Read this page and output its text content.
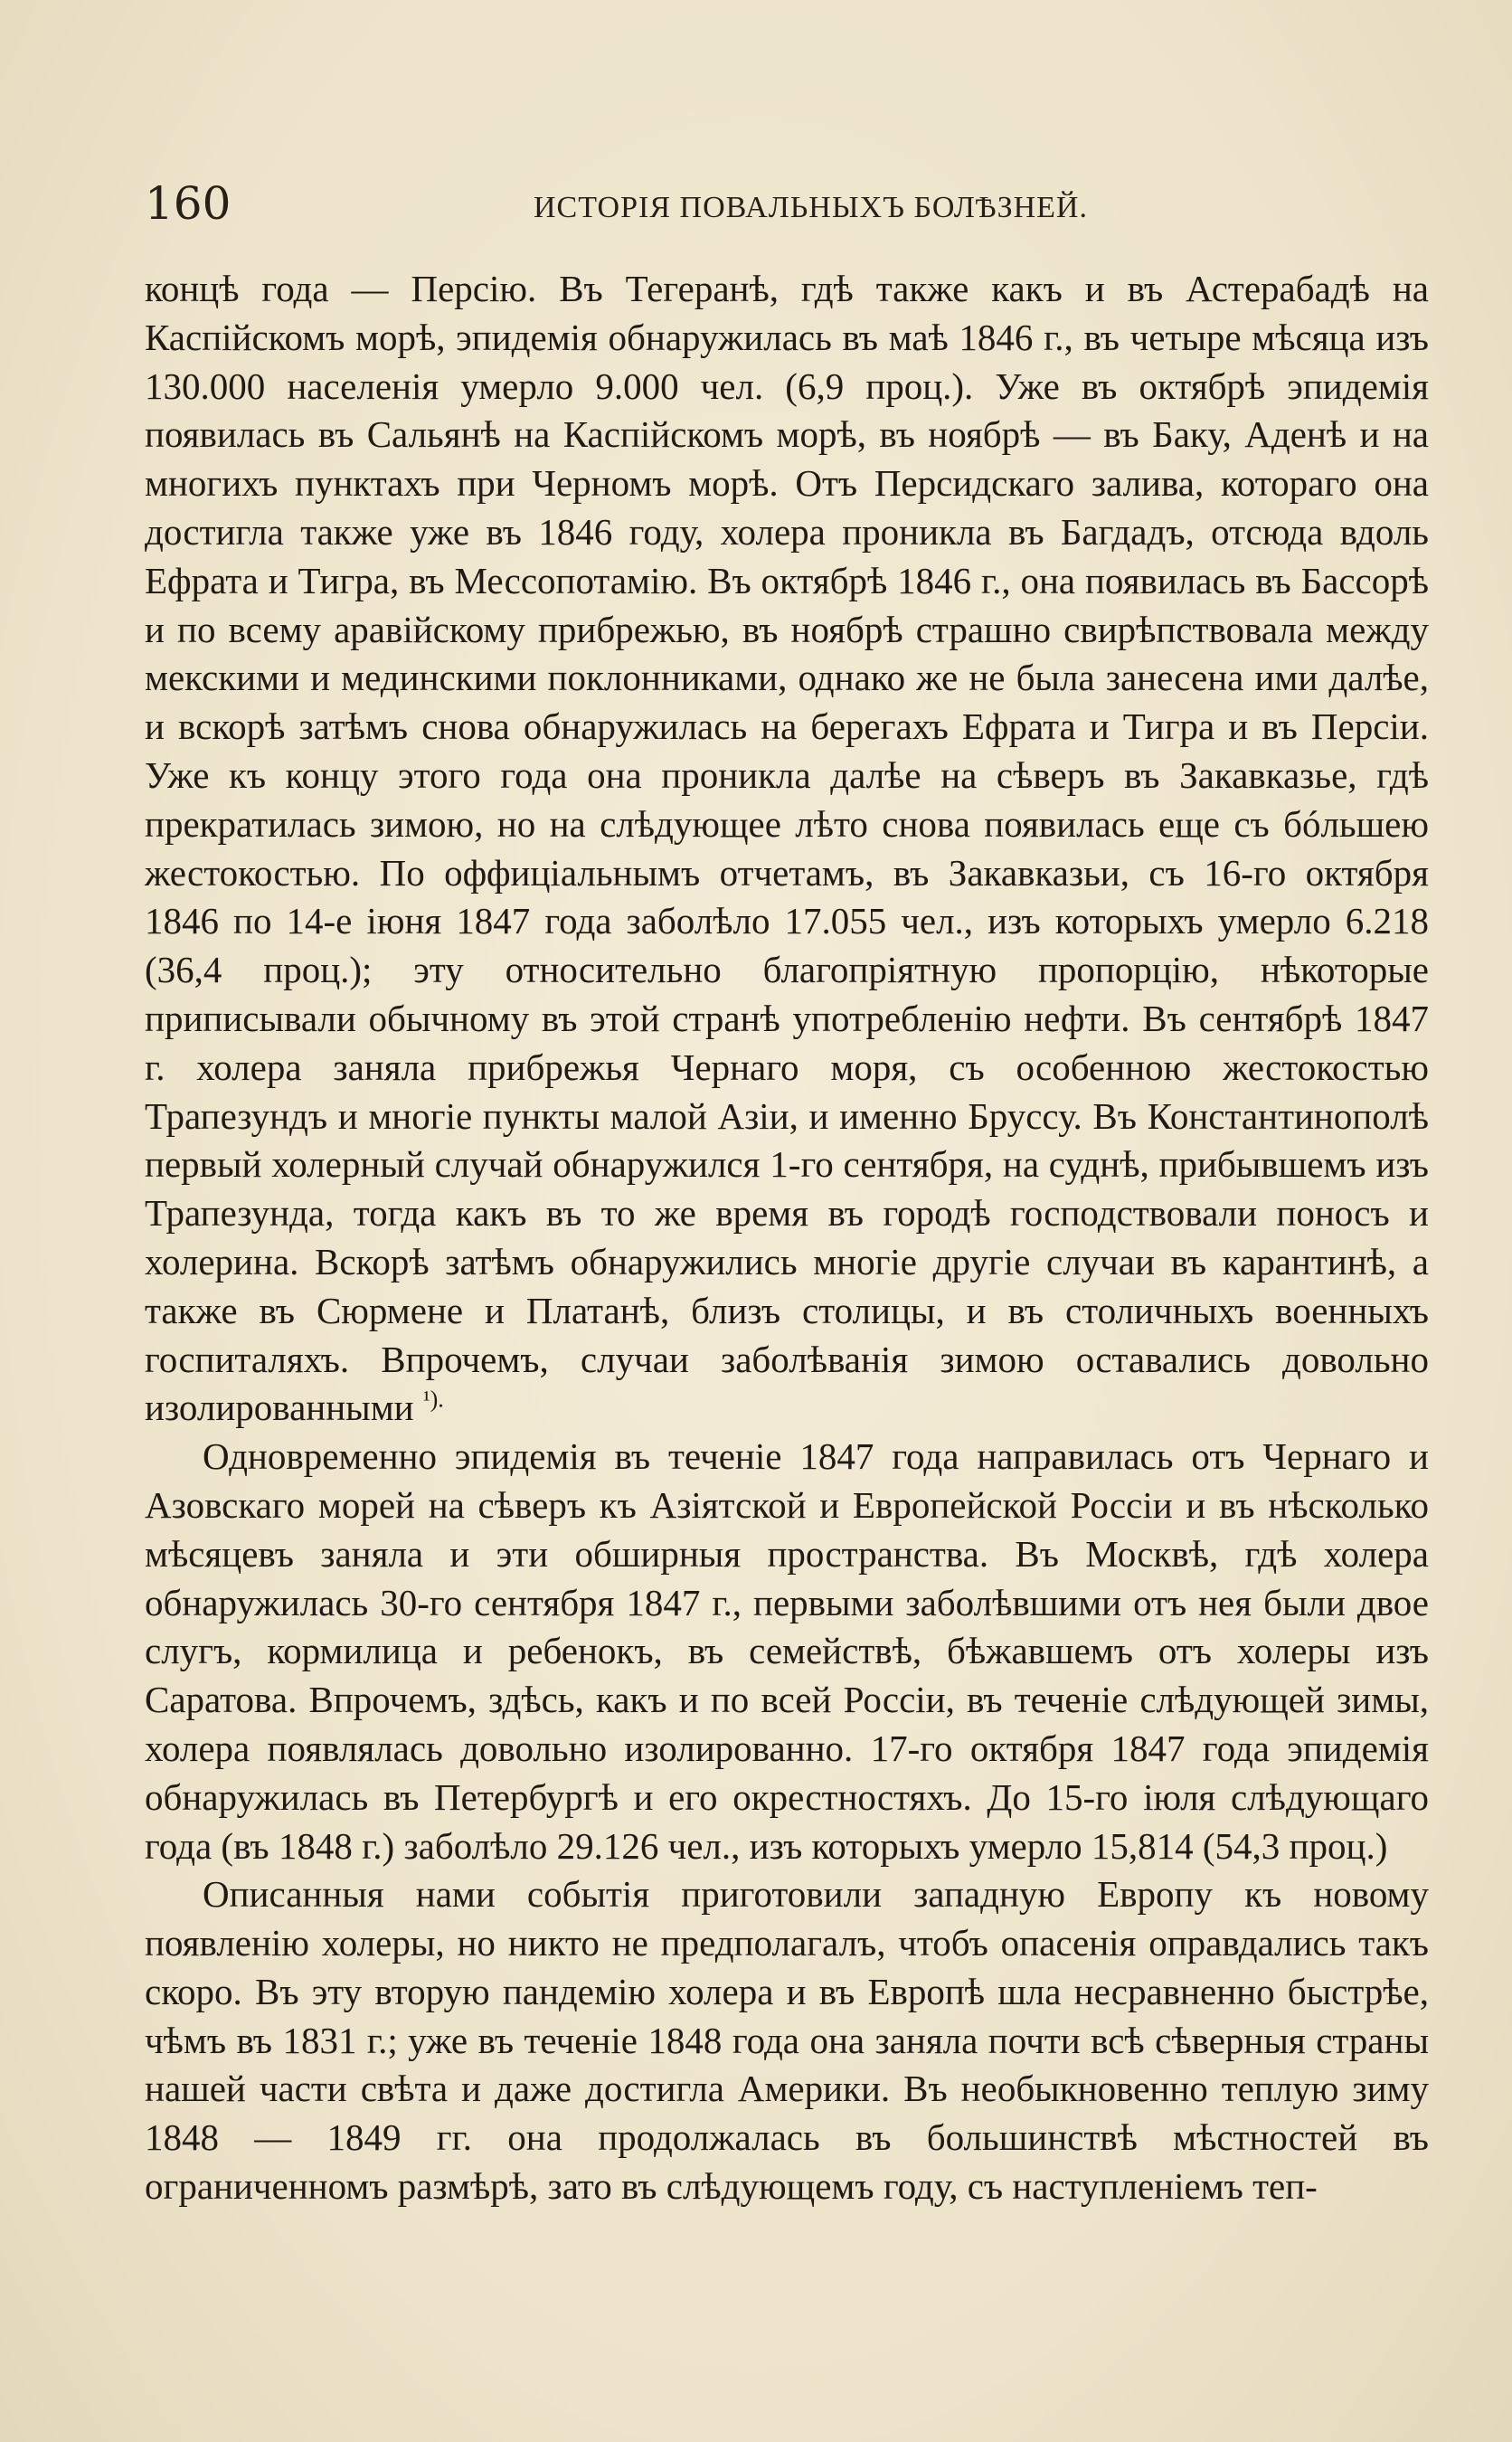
160	ИСТОРІЯ ПОВАЛЬНЫХЪ БОЛѢЗНЕЙ.

концѣ года — Персію. Въ Тегеранѣ, гдѣ также какъ и въ Астерабадѣ на Каспійскомъ морѣ, эпидемія обнаружилась въ маѣ 1846 г., въ четыре мѣсяца изъ 130.000 населенія умерло 9.000 чел. (6,9 проц.). Уже въ октябрѣ эпидемія появилась въ Сальянѣ на Каспійскомъ морѣ, въ ноябрѣ — въ Баку, Аденѣ и на многихъ пунктахъ при Черномъ морѣ. Отъ Персидскаго залива, котораго она достигла также уже въ 1846 году, холера проникла въ Багдадъ, отсюда вдоль Ефрата и Тигра, въ Мессопотамію. Въ октябрѣ 1846 г., она появилась въ Бассорѣ и по всему аравійскому прибрежью, въ ноябрѣ страшно свирѣпствовала между мекскими и мединскими поклонниками, однако же не была занесена ими далѣе, и вскорѣ затѣмъ снова обнаружилась на берегахъ Ефрата и Тигра и въ Персіи. Уже къ концу этого года она проникла далѣе на сѣверъ въ Закавказье, гдѣ прекратилась зимою, но на слѣдующее лѣто снова появилась еще съ бóльшею жестокостью. По оффиціальнымъ отчетамъ, въ Закавказьи, съ 16-го октября 1846 по 14-е іюня 1847 года заболѣло 17.055 чел., изъ которыхъ умерло 6.218 (36,4 проц.); эту относительно благопріятную пропорцію, нѣкоторые приписывали обычному въ этой странѣ употребленію нефти. Въ сентябрѣ 1847 г. холера заняла прибрежья Чернаго моря, съ особенною жестокостью Трапезундъ и многіе пункты малой Азіи, и именно Бруссу. Въ Константинополѣ первый холерный случай обнаружился 1-го сентября, на суднѣ, прибывшемъ изъ Трапезунда, тогда какъ въ то же время въ городѣ господствовали поносъ и холерина. Вскорѣ затѣмъ обнаружились многіе другіе случаи въ карантинѣ, а также въ Сюрмене и Платанѣ, близъ столицы, и въ столичныхъ военныхъ госпиталяхъ. Впрочемъ, случаи заболѣванія зимою оставались довольно изолированными $^{^1).}$

Одновременно эпидемія въ теченіе 1847 года направилась отъ Чернаго и Азовскаго морей на сѣверъ къ Азіятской и Европейской Россіи и въ нѣсколько мѣсяцевъ заняла и эти обширныя пространства. Въ Москвѣ, гдѣ холера обнаружилась 30-го сентября 1847 г., первыми заболѣвшими отъ нея были двое слугъ, кормилица и ребенокъ, въ семействѣ, бѣжавшемъ отъ холеры изъ Саратова. Впрочемъ, здѣсь, какъ и по всей Россіи, въ теченіе слѣдующей зимы, холера появлялась довольно изолированно. 17-го октября 1847 года эпидемія обнаружилась въ Петербургѣ и его окрестностяхъ. До 15-го іюля слѣдующаго года (въ 1848 г.) заболѣло 29.126 чел., изъ которыхъ умерло 15,814 (54,3 проц.)

Описанныя нами событія приготовили западную Европу къ новому появленію холеры, но никто не предполагалъ, чтобъ опасенія оправдались такъ скоро. Въ эту вторую пандемію холера и въ Европѣ шла несравненно быстрѣе, чѣмъ въ 1831 г.; уже въ теченіе 1848 года она заняла почти всѣ сѣверныя страны нашей части свѣта и даже достигла Америки. Въ необыкновенно теплую зиму 1848 — 1849 гг. она продолжалась въ большинствѣ мѣстностей въ ограниченномъ размѣрѣ, зато въ слѣдующемъ году, съ наступленіемъ теп-
